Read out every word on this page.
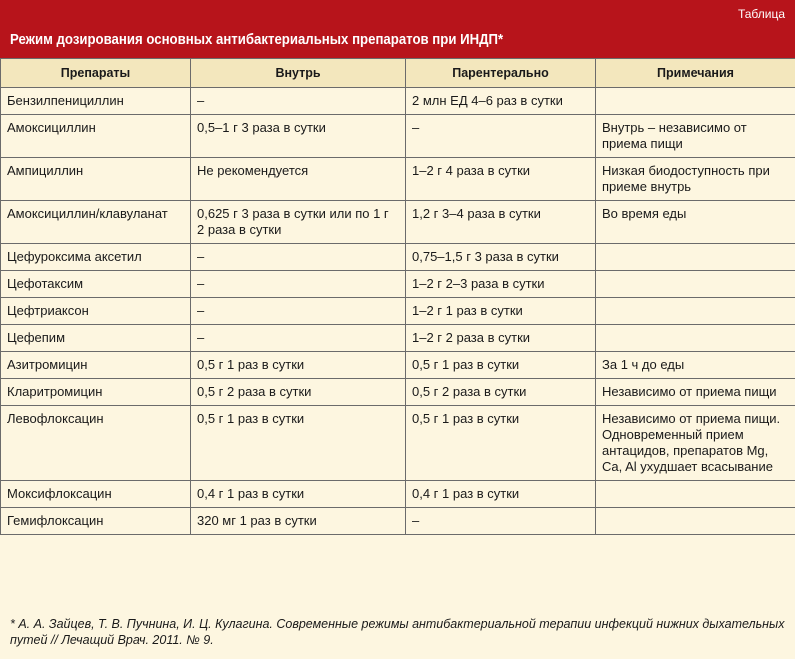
Таблица
Режим дозирования основных антибактериальных препаратов при ИНДП*
Препараты	Внутрь	Парентерально	Примечания
Бензилпенициллин	–	2 млн ЕД 4–6 раз в сутки	
Амоксициллин	0,5–1 г 3 раза в сутки	–	Внутрь – независимо от приема пищи
Ампициллин	Не рекомендуется	1–2 г 4 раза в сутки	Низкая биодоступность при приеме внутрь
Амоксициллин/клавуланат	0,625 г 3 раза в сутки или по 1 г 2 раза в сутки	1,2 г 3–4 раза в сутки	Во время еды
Цефуроксима аксетил	–	0,75–1,5 г 3 раза в сутки	
Цефотаксим	–	1–2 г 2–3 раза в сутки	
Цефтриаксон	–	1–2 г 1 раз в сутки	
Цефепим	–	1–2 г 2 раза в сутки	
Азитромицин	0,5 г 1 раз в сутки	0,5 г 1 раз в сутки	За 1 ч до еды
Кларитромицин	0,5 г 2 раза в сутки	0,5 г 2 раза в сутки	Независимо от приема пищи
Левофлоксацин	0,5 г 1 раз в сутки	0,5 г 1 раз в сутки	Независимо от приема пищи. Одновременный прием антацидов, препаратов Mg, Ca, Al ухудшает всасывание
Моксифлоксацин	0,4 г 1 раз в сутки	0,4 г 1 раз в сутки	
Гемифлоксацин	320 мг 1 раз в сутки	–	
* А. А. Зайцев, Т. В. Пучнина, И. Ц. Кулагина. Современные режимы антибактериальной терапии инфекций нижних дыхательных путей // Лечащий Врач. 2011. № 9.
